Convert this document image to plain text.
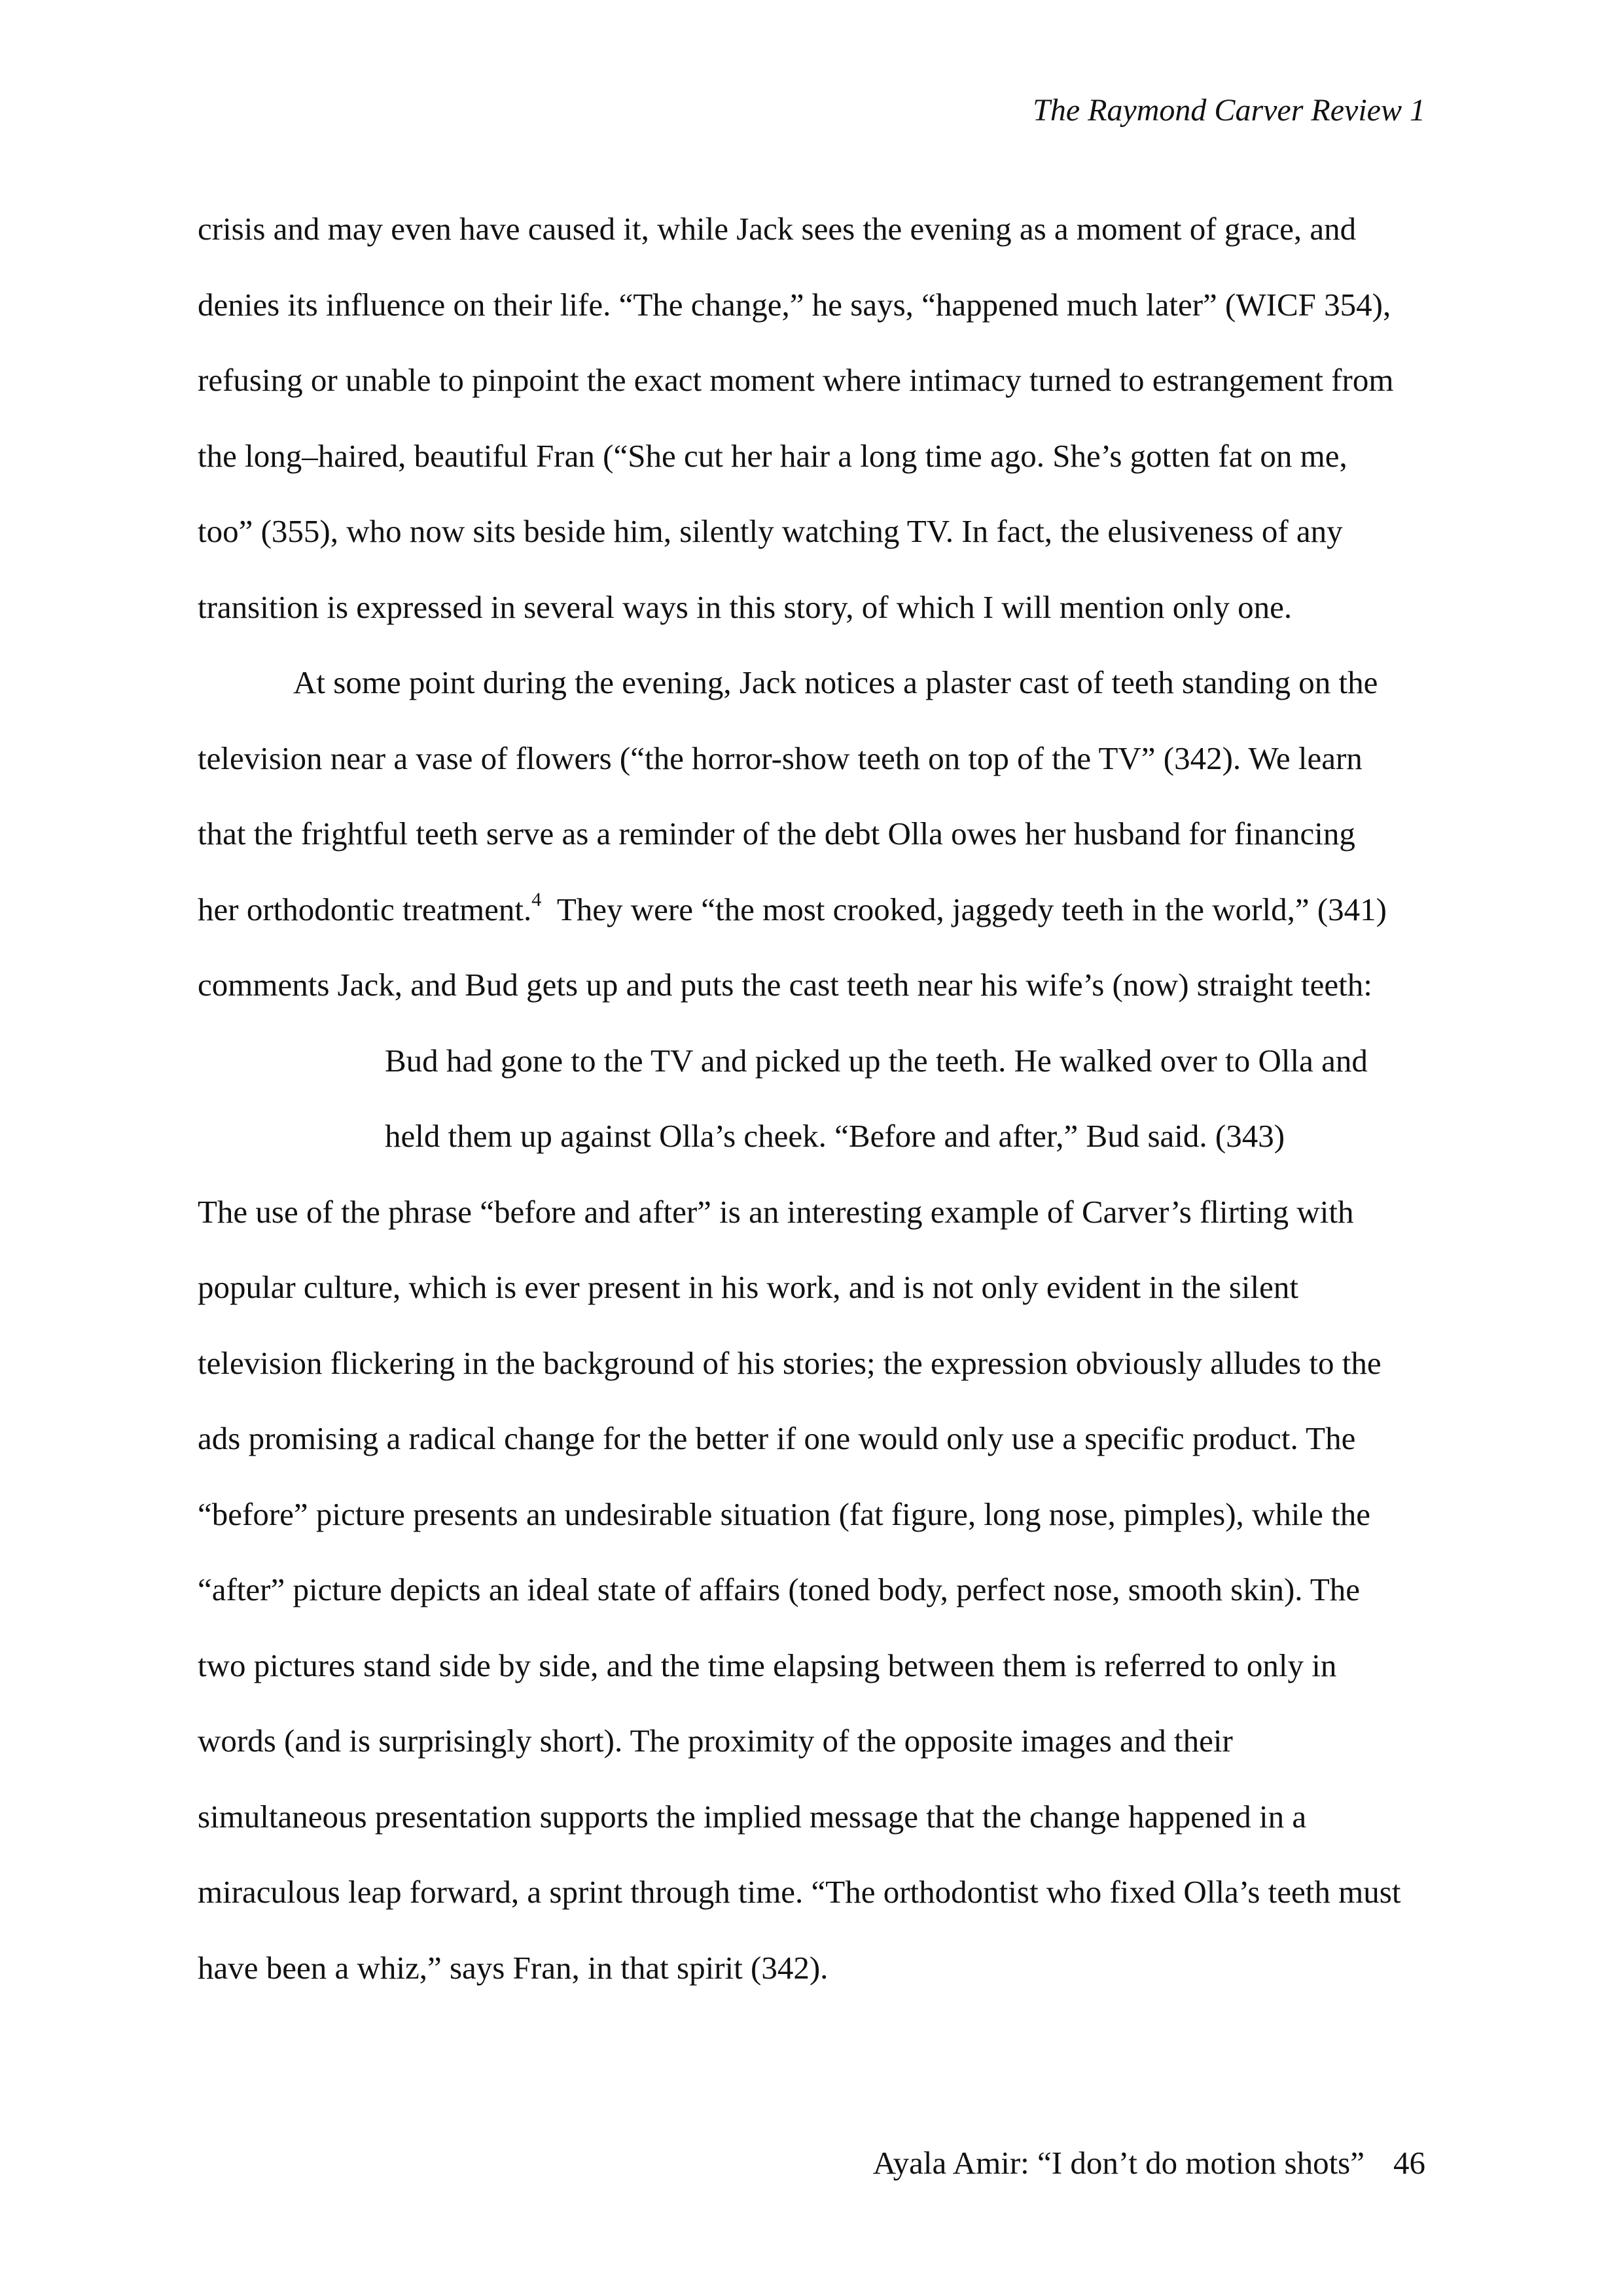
The Raymond Carver Review 1
crisis and may even have caused it, while Jack sees the evening as a moment of grace, and
denies its influence on their life. “The change,” he says, “happened much later” (WICF 354),
refusing or unable to pinpoint the exact moment where intimacy turned to estrangement from
the long–haired, beautiful Fran (“She cut her hair a long time ago. She’s gotten fat on me,
too” (355), who now sits beside him, silently watching TV. In fact, the elusiveness of any
transition is expressed in several ways in this story, of which I will mention only one.
At some point during the evening, Jack notices a plaster cast of teeth standing on the
television near a vase of flowers (“the horror-show teeth on top of the TV” (342). We learn
that the frightful teeth serve as a reminder of the debt Olla owes her husband for financing
her orthodontic treatment.$^4$  They were “the most crooked, jaggedy teeth in the world,” (341)
comments Jack, and Bud gets up and puts the cast teeth near his wife’s (now) straight teeth:
Bud had gone to the TV and picked up the teeth. He walked over to Olla and
held them up against Olla’s cheek. “Before and after,” Bud said. (343)
The use of the phrase “before and after” is an interesting example of Carver’s flirting with
popular culture, which is ever present in his work, and is not only evident in the silent
television flickering in the background of his stories; the expression obviously alludes to the
ads promising a radical change for the better if one would only use a specific product. The
“before” picture presents an undesirable situation (fat figure, long nose, pimples), while the
“after” picture depicts an ideal state of affairs (toned body, perfect nose, smooth skin). The
two pictures stand side by side, and the time elapsing between them is referred to only in
words (and is surprisingly short). The proximity of the opposite images and their
simultaneous presentation supports the implied message that the change happened in a
miraculous leap forward, a sprint through time. “The orthodontist who fixed Olla’s teeth must
have been a whiz,” says Fran, in that spirit (342).
Ayala Amir: “I don’t do motion shots” 46
